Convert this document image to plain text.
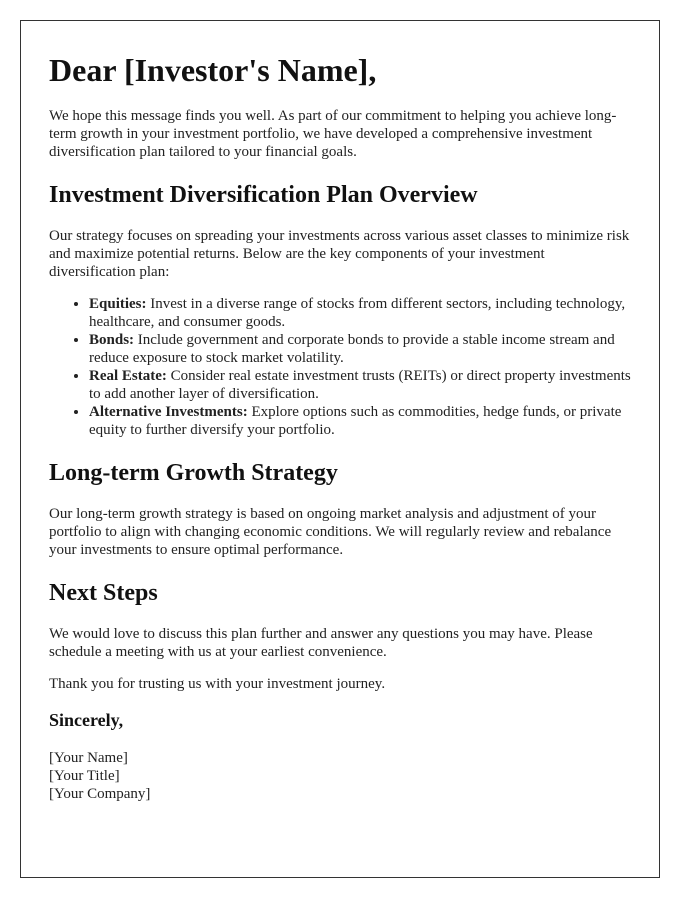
Dear [Investor's Name],

We hope this message finds you well. As part of our commitment to helping you achieve long-term growth in your investment portfolio, we have developed a comprehensive investment diversification plan tailored to your financial goals.

Investment Diversification Plan Overview

Our strategy focuses on spreading your investments across various asset classes to minimize risk and maximize potential returns. Below are the key components of your investment diversification plan:

• Equities: Invest in a diverse range of stocks from different sectors, including technology, healthcare, and consumer goods.
• Bonds: Include government and corporate bonds to provide a stable income stream and reduce exposure to stock market volatility.
• Real Estate: Consider real estate investment trusts (REITs) or direct property investments to add another layer of diversification.
• Alternative Investments: Explore options such as commodities, hedge funds, or private equity to further diversify your portfolio.
Long-term Growth Strategy

Our long-term growth strategy is based on ongoing market analysis and adjustment of your portfolio to align with changing economic conditions. We will regularly review and rebalance your investments to ensure optimal performance.

Next Steps

We would love to discuss this plan further and answer any questions you may have. Please schedule a meeting with us at your earliest convenience.

Thank you for trusting us with your investment journey.

Sincerely,
[Your Name]
[Your Title]
[Your Company]
